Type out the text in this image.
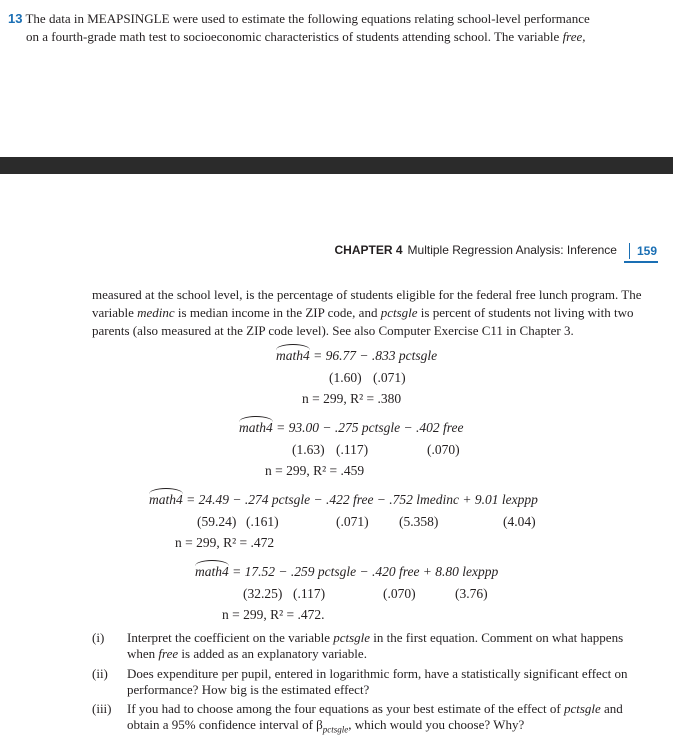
13 The data in MEAPSINGLE were used to estimate the following equations relating school-level performance
on a fourth-grade math test to socioeconomic characteristics of students attending school. The variable free,
CHAPTER 4 Multiple Regression Analysis: Inference	159
measured at the school level, is the percentage of students eligible for the federal free lunch program. The
variable medinc is median income in the ZIP code, and pctsgle is percent of students not living with two
parents (also measured at the ZIP code level). See also Computer Exercise C11 in Chapter 3.
math4 = 96.77 − .833 pctsgle
(1.60) (.071)
n = 299, R² = .380
math4 = 93.00 − .275 pctsgle − .402 free
(1.63) (.117)	(.070)
n = 299, R² = .459
math4 = 24.49 − .274 pctsgle − .422 free − .752 lmedinc + 9.01 lexppp
(59.24) (.161)	(.071) (5.358)	(4.04)
n = 299, R² = .472
math4 = 17.52 − .259 pctsgle − .420 free + 8.80 lexppp
(32.25) (.117)	(.070)	(3.76)
n = 299, R² = .472.
(i) Interpret the coefficient on the variable pctsgle in the first equation. Comment on what happens
when free is added as an explanatory variable.
(ii) Does expenditure per pupil, entered in logarithmic form, have a statistically significant effect on
performance? How big is the estimated effect?
(iii) If you had to choose among the four equations as your best estimate of the effect of pctsgle and
obtain a 95% confidence interval of $\beta_{pctsgle}$, which would you choose? Why?
